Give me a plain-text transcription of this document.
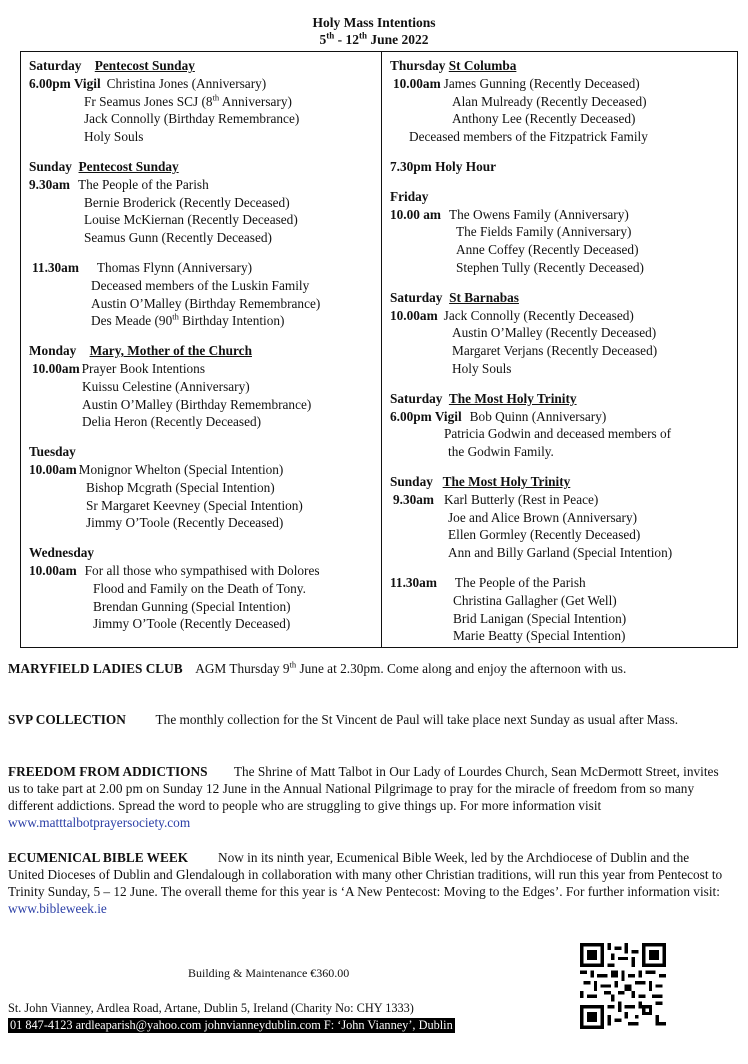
Holy Mass Intentions
5th - 12th June 2022
Saturday Pentecost Sunday
6.00pm Vigil Christina Jones (Anniversary)
Fr Seamus Jones SCJ (8th Anniversary)
Jack Connolly (Birthday Remembrance)
Holy Souls
Sunday Pentecost Sunday
9.30am The People of the Parish
Bernie Broderick (Recently Deceased)
Louise McKiernan (Recently Deceased)
Seamus Gunn (Recently Deceased)
11.30am Thomas Flynn (Anniversary)
Deceased members of the Luskin Family
Austin O’Malley (Birthday Remembrance)
Des Meade (90th Birthday Intention)
Monday Mary, Mother of the Church
10.00am Prayer Book Intentions
Kuissu Celestine (Anniversary)
Austin O’Malley (Birthday Remembrance)
Delia Heron (Recently Deceased)
Tuesday
10.00am Monignor Whelton (Special Intention)
Bishop Mcgrath (Special Intention)
Sr Margaret Keevney (Special Intention)
Jimmy O’Toole (Recently Deceased)
Wednesday
10.00am For all those who sympathised with Dolores
Flood and Family on the Death of Tony.
Brendan Gunning (Special Intention)
Jimmy O’Toole (Recently Deceased)

Thursday St Columba
10.00am James Gunning (Recently Deceased)
Alan Mulready (Recently Deceased)
Anthony Lee (Recently Deceased)
Deceased members of the Fitzpatrick Family
7.30pm Holy Hour
Friday
10.00 am The Owens Family (Anniversary)
The Fields Family (Anniversary)
Anne Coffey (Recently Deceased)
Stephen Tully (Recently Deceased)
Saturday St Barnabas
10.00am Jack Connolly (Recently Deceased)
Austin O’Malley (Recently Deceased)
Margaret Verjans (Recently Deceased)
Holy Souls
Saturday The Most Holy Trinity
6.00pm Vigil Bob Quinn (Anniversary)
Patricia Godwin and deceased members of
the Godwin Family.
Sunday The Most Holy Trinity
9.30am Karl Butterly (Rest in Peace)
Joe and Alice Brown (Anniversary)
Ellen Gormley (Recently Deceased)
Ann and Billy Garland (Special Intention)
11.30am The People of the Parish
Christina Gallagher (Get Well)
Brid Lanigan (Special Intention)
Marie Beatty (Special Intention)
MARYFIELD LADIES CLUB AGM Thursday 9th June at 2.30pm. Come along and enjoy the afternoon with us.
SVP COLLECTION The monthly collection for the St Vincent de Paul will take place next Sunday as usual after Mass.
FREEDOM FROM ADDICTIONS The Shrine of Matt Talbot in Our Lady of Lourdes Church, Sean McDermott Street, invites us to take part at 2.00 pm on Sunday 12 June in the Annual National Pilgrimage to pray for the miracle of freedom from so many different addictions. Spread the word to people who are struggling to give things up. For more information visit www.matttalbotprayersociety.com
ECUMENICAL BIBLE WEEK Now in its ninth year, Ecumenical Bible Week, led by the Archdiocese of Dublin and the United Dioceses of Dublin and Glendalough in collaboration with many other Christian traditions, will run this year from Pentecost to Trinity Sunday, 5 – 12 June. The overall theme for this year is ‘A New Pentecost: Moving to the Edges’. For further information visit: www.bibleweek.ie
Building & Maintenance €360.00
St. John Vianney, Ardlea Road, Artane, Dublin 5, Ireland (Charity No: CHY 1333)
01 847-4123 ardleaparish@yahoo.com johnvianneydublin.com F: ‘John Vianney’, Dublin
